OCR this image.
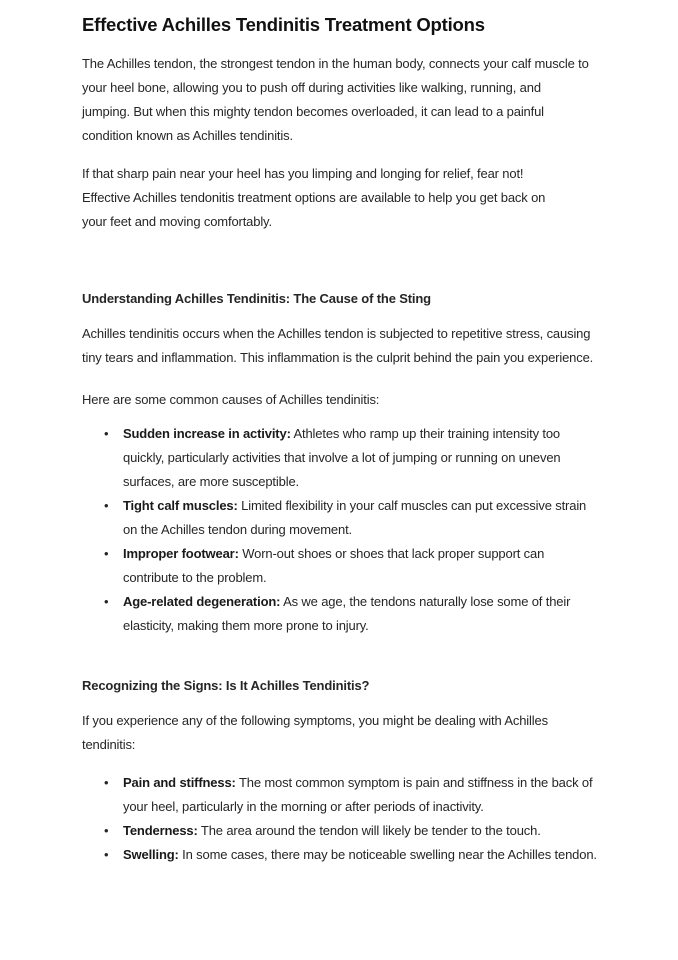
Effective Achilles Tendinitis Treatment Options

The Achilles tendon, the strongest tendon in the human body, connects your calf muscle to your heel bone, allowing you to push off during activities like walking, running, and jumping. But when this mighty tendon becomes overloaded, it can lead to a painful condition known as Achilles tendinitis.

If that sharp pain near your heel has you limping and longing for relief, fear not! Effective Achilles tendonitis treatment options are available to help you get back on your feet and moving comfortably.

Understanding Achilles Tendinitis: The Cause of the Sting

Achilles tendinitis occurs when the Achilles tendon is subjected to repetitive stress, causing tiny tears and inflammation. This inflammation is the culprit behind the pain you experience.

Here are some common causes of Achilles tendinitis:

• Sudden increase in activity: Athletes who ramp up their training intensity too quickly, particularly activities that involve a lot of jumping or running on uneven surfaces, are more susceptible.
• Tight calf muscles: Limited flexibility in your calf muscles can put excessive strain on the Achilles tendon during movement.
• Improper footwear: Worn-out shoes or shoes that lack proper support can contribute to the problem.
• Age-related degeneration: As we age, the tendons naturally lose some of their elasticity, making them more prone to injury.
Recognizing the Signs: Is It Achilles Tendinitis?

If you experience any of the following symptoms, you might be dealing with Achilles tendinitis:

• Pain and stiffness: The most common symptom is pain and stiffness in the back of your heel, particularly in the morning or after periods of inactivity.
• Tenderness: The area around the tendon will likely be tender to the touch.
• Swelling: In some cases, there may be noticeable swelling near the Achilles tendon.
